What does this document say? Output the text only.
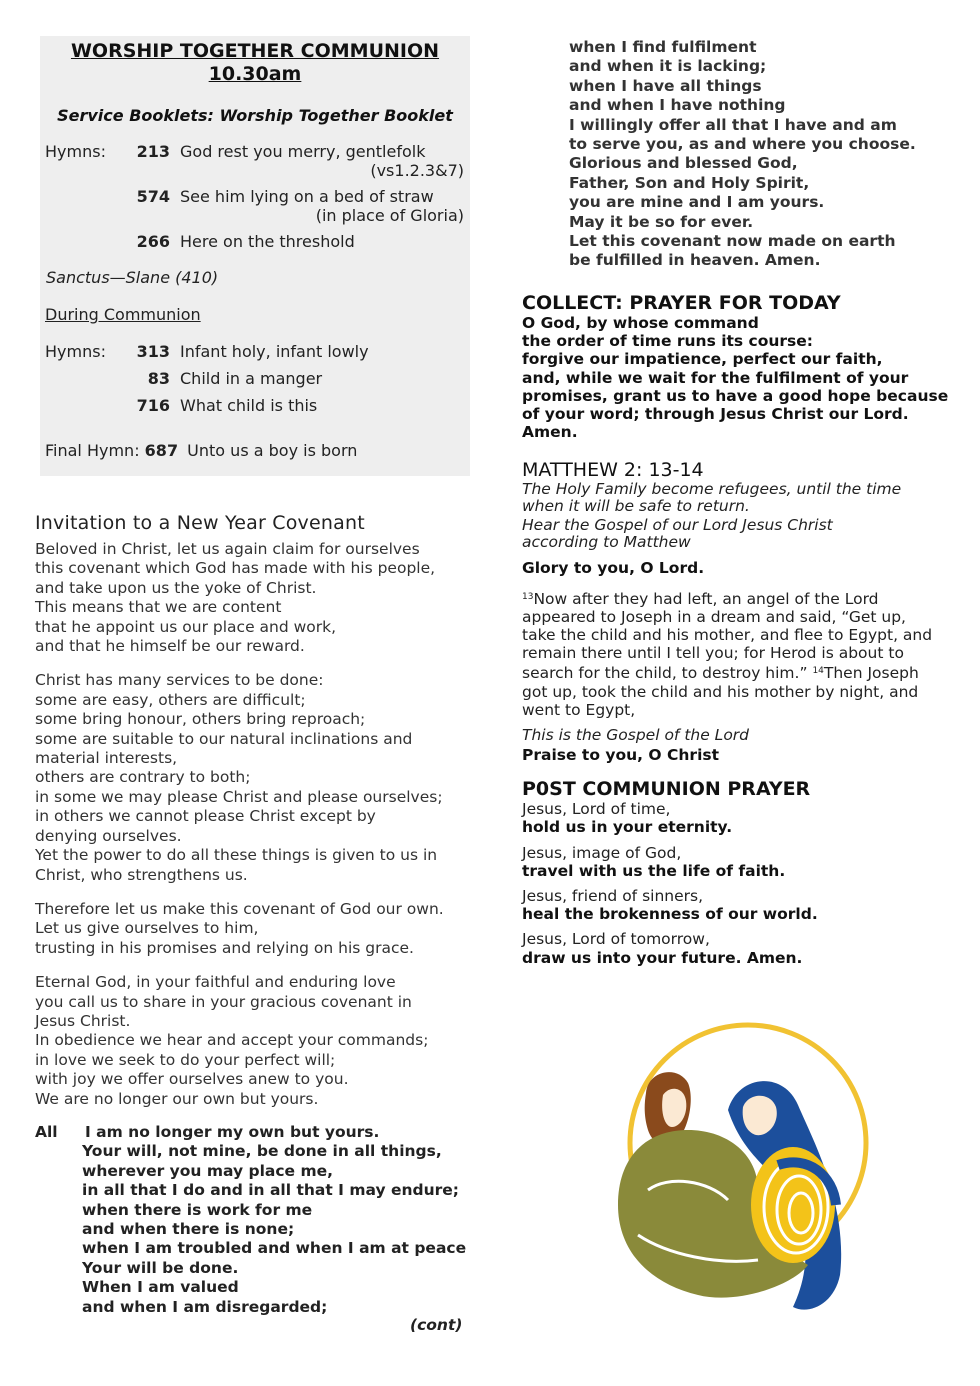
WORSHIP TOGETHER COMMUNION
10.30am
Service Booklets: Worship Together Booklet
Hymns:	213 God rest you merry, gentlefolk
(vs1.2.3&7)
574 See him lying on a bed of straw
(in place of Gloria)
266 Here on the threshold
Sanctus—Slane (410)
During Communion
Hymns:	313 Infant holy, infant lowly
83 Child in a manger
716 What child is this
Final Hymn: 687 Unto us a boy is born
Invitation to a New Year Covenant
Beloved in Christ, let us again claim for ourselves
this covenant which God has made with his people,
and take upon us the yoke of Christ.
This means that we are content
that he appoint us our place and work,
and that he himself be our reward.
Christ has many services to be done:
some are easy, others are difficult;
some bring honour, others bring reproach;
some are suitable to our natural inclinations and
material interests,
others are contrary to both;
in some we may please Christ and please ourselves;
in others we cannot please Christ except by
denying ourselves.
Yet the power to do all these things is given to us in
Christ, who strengthens us.
Therefore let us make this covenant of God our own.
Let us give ourselves to him,
trusting in his promises and relying on his grace.
Eternal God, in your faithful and enduring love
you call us to share in your gracious covenant in
Jesus Christ.
In obedience we hear and accept your commands;
in love we seek to do your perfect will;
with joy we offer ourselves anew to you.
We are no longer our own but yours.
All I am no longer my own but yours.
Your will, not mine, be done in all things,
wherever you may place me,
in all that I do and in all that I may endure;
when there is work for me
and when there is none;
when I am troubled and when I am at peace
Your will be done.
When I am valued
and when I am disregarded;
(cont)
when I find fulfilment
and when it is lacking;
when I have all things
and when I have nothing
I willingly offer all that I have and am
to serve you, as and where you choose.
Glorious and blessed God,
Father, Son and Holy Spirit,
you are mine and I am yours.
May it be so for ever.
Let this covenant now made on earth
be fulfilled in heaven. Amen.
COLLECT: PRAYER FOR TODAY
O God, by whose command
the order of time runs its course:
forgive our impatience, perfect our faith,
and, while we wait for the fulfilment of your
promises, grant us to have a good hope because
of your word; through Jesus Christ our Lord.
Amen.
MATTHEW 2: 13-14
The Holy Family become refugees, until the time
when it will be safe to return.
Hear the Gospel of our Lord Jesus Christ
according to Matthew
Glory to you, O Lord.
$^{13}$Now after they had left, an angel of the Lord
appeared to Joseph in a dream and said, “Get up,
take the child and his mother, and flee to Egypt, and
remain there until I tell you; for Herod is about to
search for the child, to destroy him.” $^{14}$Then Joseph
got up, took the child and his mother by night, and
went to Egypt,
This is the Gospel of the Lord
Praise to you, O Christ
P0ST COMMUNION PRAYER
Jesus, Lord of time,
hold us in your eternity.
Jesus, image of God,
travel with us the life of faith.
Jesus, friend of sinners,
heal the brokenness of our world.
Jesus, Lord of tomorrow,
draw us into your future. Amen.
